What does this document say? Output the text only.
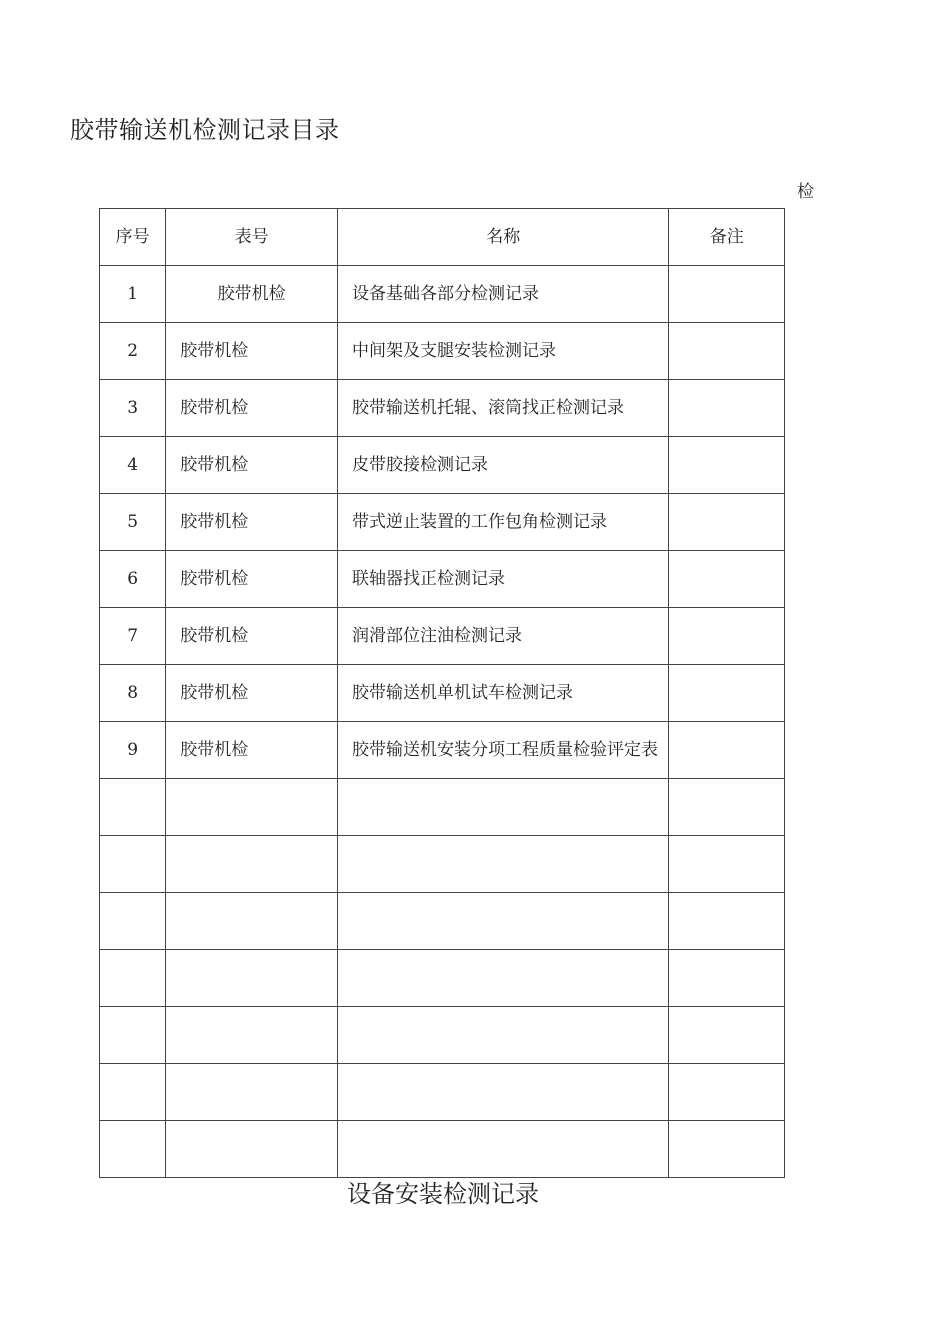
胶带输送机检测记录目录
检
序号	表号	名称	备注
1	胶带机检	设备基础各部分检测记录	
2	胶带机检	中间架及支腿安装检测记录	
3	胶带机检	胶带输送机托辊、滚筒找正检测记录	
4	胶带机检	皮带胶接检测记录	
5	胶带机检	带式逆止装置的工作包角检测记录	
6	胶带机检	联轴器找正检测记录	
7	胶带机检	润滑部位注油检测记录	
8	胶带机检	胶带输送机单机试车检测记录	
9	胶带机检	胶带输送机安装分项工程质量检验评定表	

设备安装检测记录
